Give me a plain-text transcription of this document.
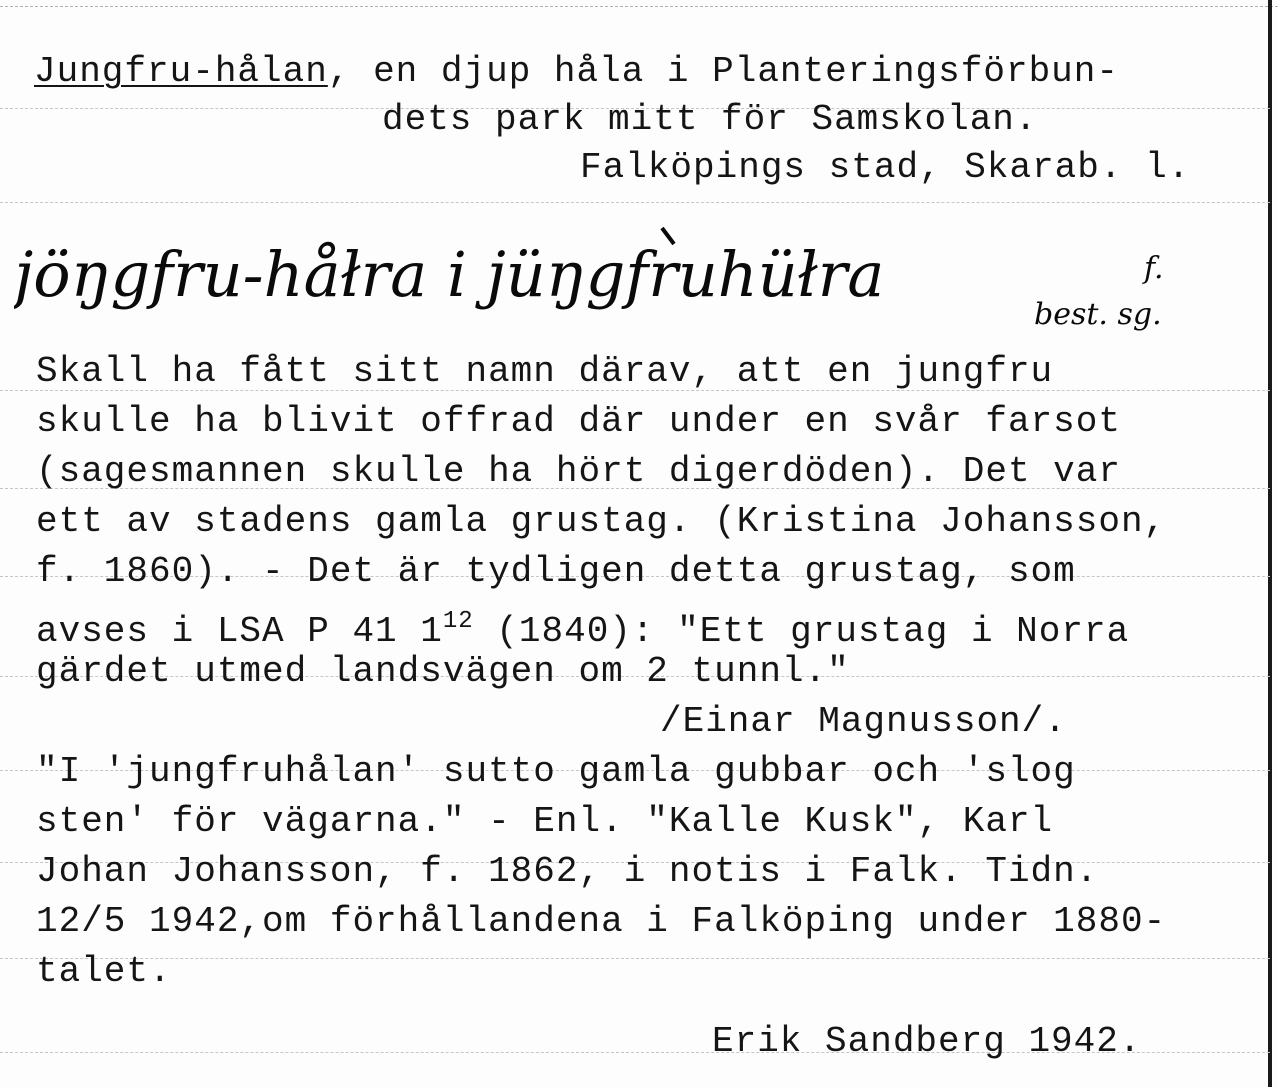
Jungfru-hålan, en djup håla i Planteringsförbun-
dets park mitt för Samskolan.
Falköpings stad, Skarab. l.
jöŋgfru-håłra i jüŋgfruhüłra	f.
best. sg.
Skall ha fått sitt namn därav, att en jungfru
skulle ha blivit offrad där under en svår farsot
(sagesmannen skulle ha hört digerdöden). Det var
ett av stadens gamla grustag. (Kristina Johansson,
f. 1860). - Det är tydligen detta grustag, som
avses i LSA P 41 $1^{12}$ (1840): "Ett grustag i Norra
gärdet utmed landsvägen om 2 tunnl."
/Einar Magnusson/.
"I 'jungfruhålan' sutto gamla gubbar och 'slog
sten' för vägarna." - Enl. "Kalle Kusk", Karl
Johan Johansson, f. 1862, i notis i Falk. Tidn.
12/5 1942,om förhållandena i Falköping under 1880-
talet.
Erik Sandberg 1942.
